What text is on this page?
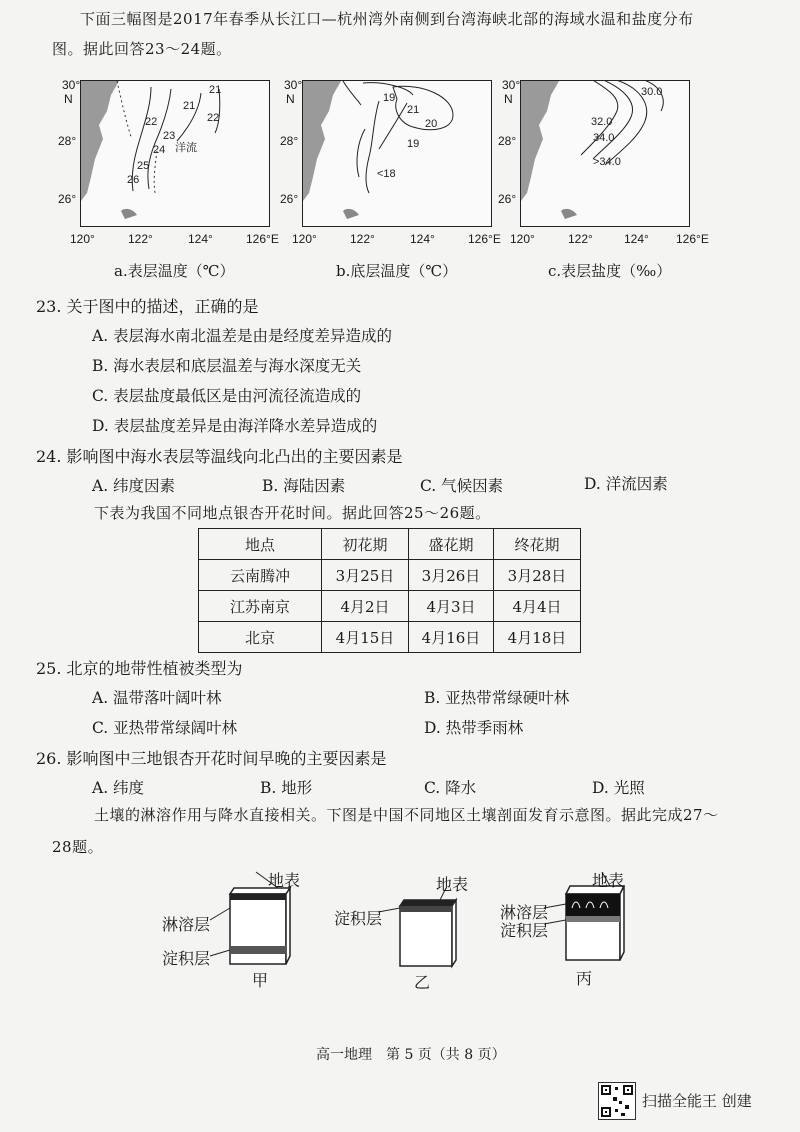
下面三幅图是2017年春季从长江口—杭州湾外南侧到台湾海峡北部的海域水温和盐度分布
图。据此回答23～24题。
30°
N
28°
26°
21
21
22	22
23
24
25
26
洋流
120°	122°	124°	126°E
a.表层温度（℃）
30°
N
28°
26°
19
21
20
19
<18
120°	122°	124°	126°E
b.底层温度（℃）
30°
N
28°
26°
30.0
32.0
34.0
>34.0
120°	122°	124° 126°E
c.表层盐度（‰）
23. 关于图中的描述，正确的是
A. 表层海水南北温差是由是经度差异造成的
B. 海水表层和底层温差与海水深度无关
C. 表层盐度最低区是由河流径流造成的
D. 表层盐度差异是由海洋降水差异造成的
24. 影响图中海水表层等温线向北凸出的主要因素是
A. 纬度因素	B. 海陆因素	C. 气候因素	D. 洋流因素
下表为我国不同地点银杏开花时间。据此回答25～26题。
地点	初花期	盛花期	终花期
云南腾冲	3月25日	3月26日	3月28日
江苏南京	4月2日	4月3日	4月4日
北京	4月15日	4月16日	4月18日
25. 北京的地带性植被类型为
A. 温带落叶阔叶林	B. 亚热带常绿硬叶林
C. 亚热带常绿阔叶林	D. 热带季雨林
26. 影响图中三地银杏开花时间早晚的主要因素是
A. 纬度	B. 地形	C. 降水	D. 光照
土壤的淋溶作用与降水直接相关。下图是中国不同地区土壤剖面发育示意图。据此完成27～
28题。
地表
淋溶层
淀积层
甲
地表
淀积层
乙
地表
淋溶层
淀积层
丙
高一地理　第 5 页（共 8 页）
扫描全能王 创建
